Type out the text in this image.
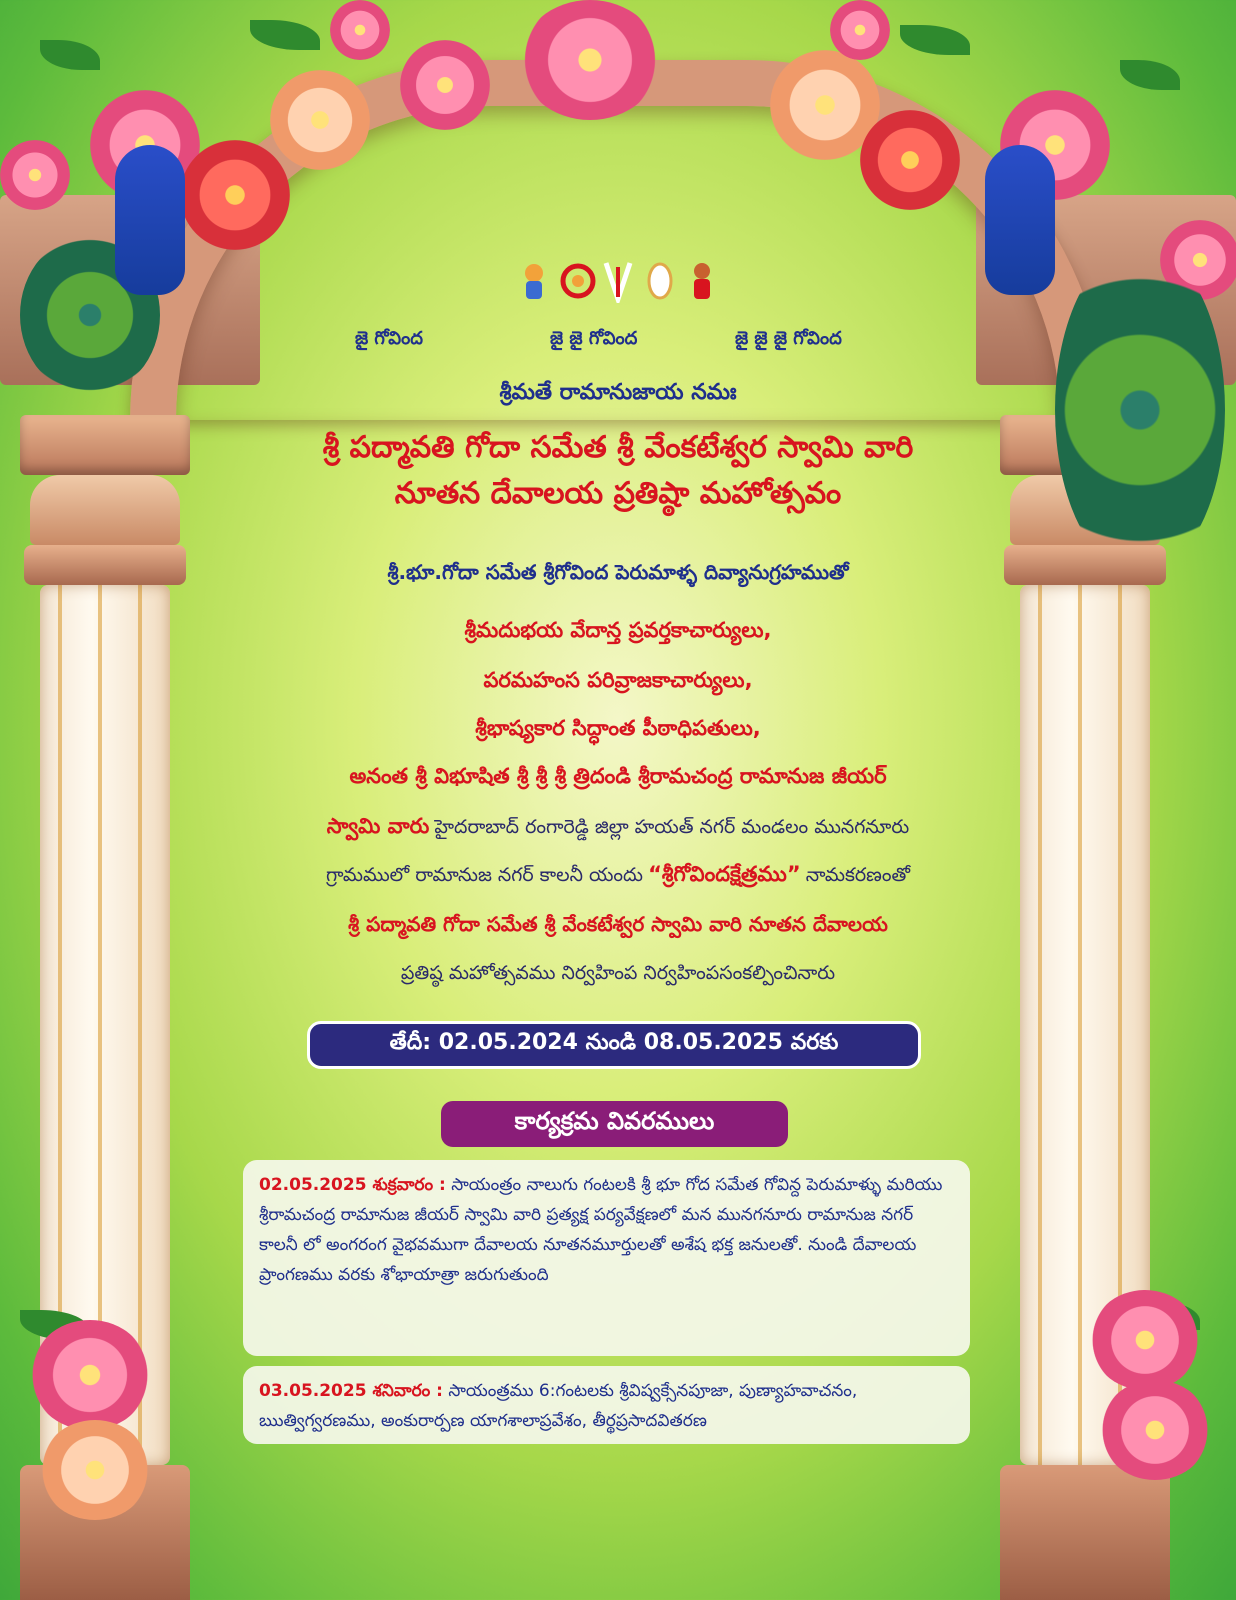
జై గోవింద	జై జై గోవింద	జై జై జై గోవింద
శ్రీమతే రామానుజాయ నమః
శ్రీ పద్మావతి గోదా సమేత శ్రీ వేంకటేశ్వర స్వామి వారి
నూతన దేవాలయ ప్రతిష్ఠా మహోత్సవం
శ్రీ.భూ.గోదా సమేత శ్రీగోవింద పెరుమాళ్ళ దివ్యానుగ్రహముతో
శ్రీమదుభయ వేదాన్త ప్రవర్తకాచార్యులు,
పరమహంస పరివ్రాజకాచార్యులు,
శ్రీభాష్యకార సిద్ధాంత పీఠాధిపతులు,
అనంత శ్రీ విభూషిత శ్రీ శ్రీ శ్రీ త్రిదండి శ్రీరామచంద్ర రామానుజ జీయర్
స్వామి వారు హైదరాబాద్ రంగారెడ్డి జిల్లా హయత్ నగర్ మండలం మునగనూరు
గ్రామములో రామానుజ నగర్ కాలనీ యందు “శ్రీగోవిందక్షేత్రము” నామకరణంతో
శ్రీ పద్మావతి గోదా సమేత శ్రీ వేంకటేశ్వర స్వామి వారి నూతన దేవాలయ
ప్రతిష్ఠ మహోత్సవము నిర్వహింప నిర్వహింపసంకల్పించినారు
తేదీ: 02.05.2024 నుండి 08.05.2025 వరకు
కార్యక్రమ వివరములు
02.05.2025 శుక్రవారం : సాయంత్రం నాలుగు గంటలకి శ్రీ భూ గోద సమేత గోవిన్ద పెరుమాళ్ళు మరియు శ్రీరామచంద్ర రామానుజ జీయర్ స్వామి వారి ప్రత్యక్ష పర్యవేక్షణలో మన మునగనూరు రామానుజ నగర్ కాలనీ లో అంగరంగ వైభవముగా దేవాలయ నూతనమూర్తులతో అశేష భక్త జనులతో. నుండి దేవాలయ ప్రాంగణము వరకు శోభాయాత్రా జరుగుతుంది
03.05.2025 శనివారం : సాయంత్రము 6:గంటలకు శ్రీవిష్వక్సేనపూజా, పుణ్యాహవాచనం, ఋత్విగ్వరణము, అంకురార్పణ యాగశాలాప్రవేశం, తీర్థప్రసాదవితరణ
